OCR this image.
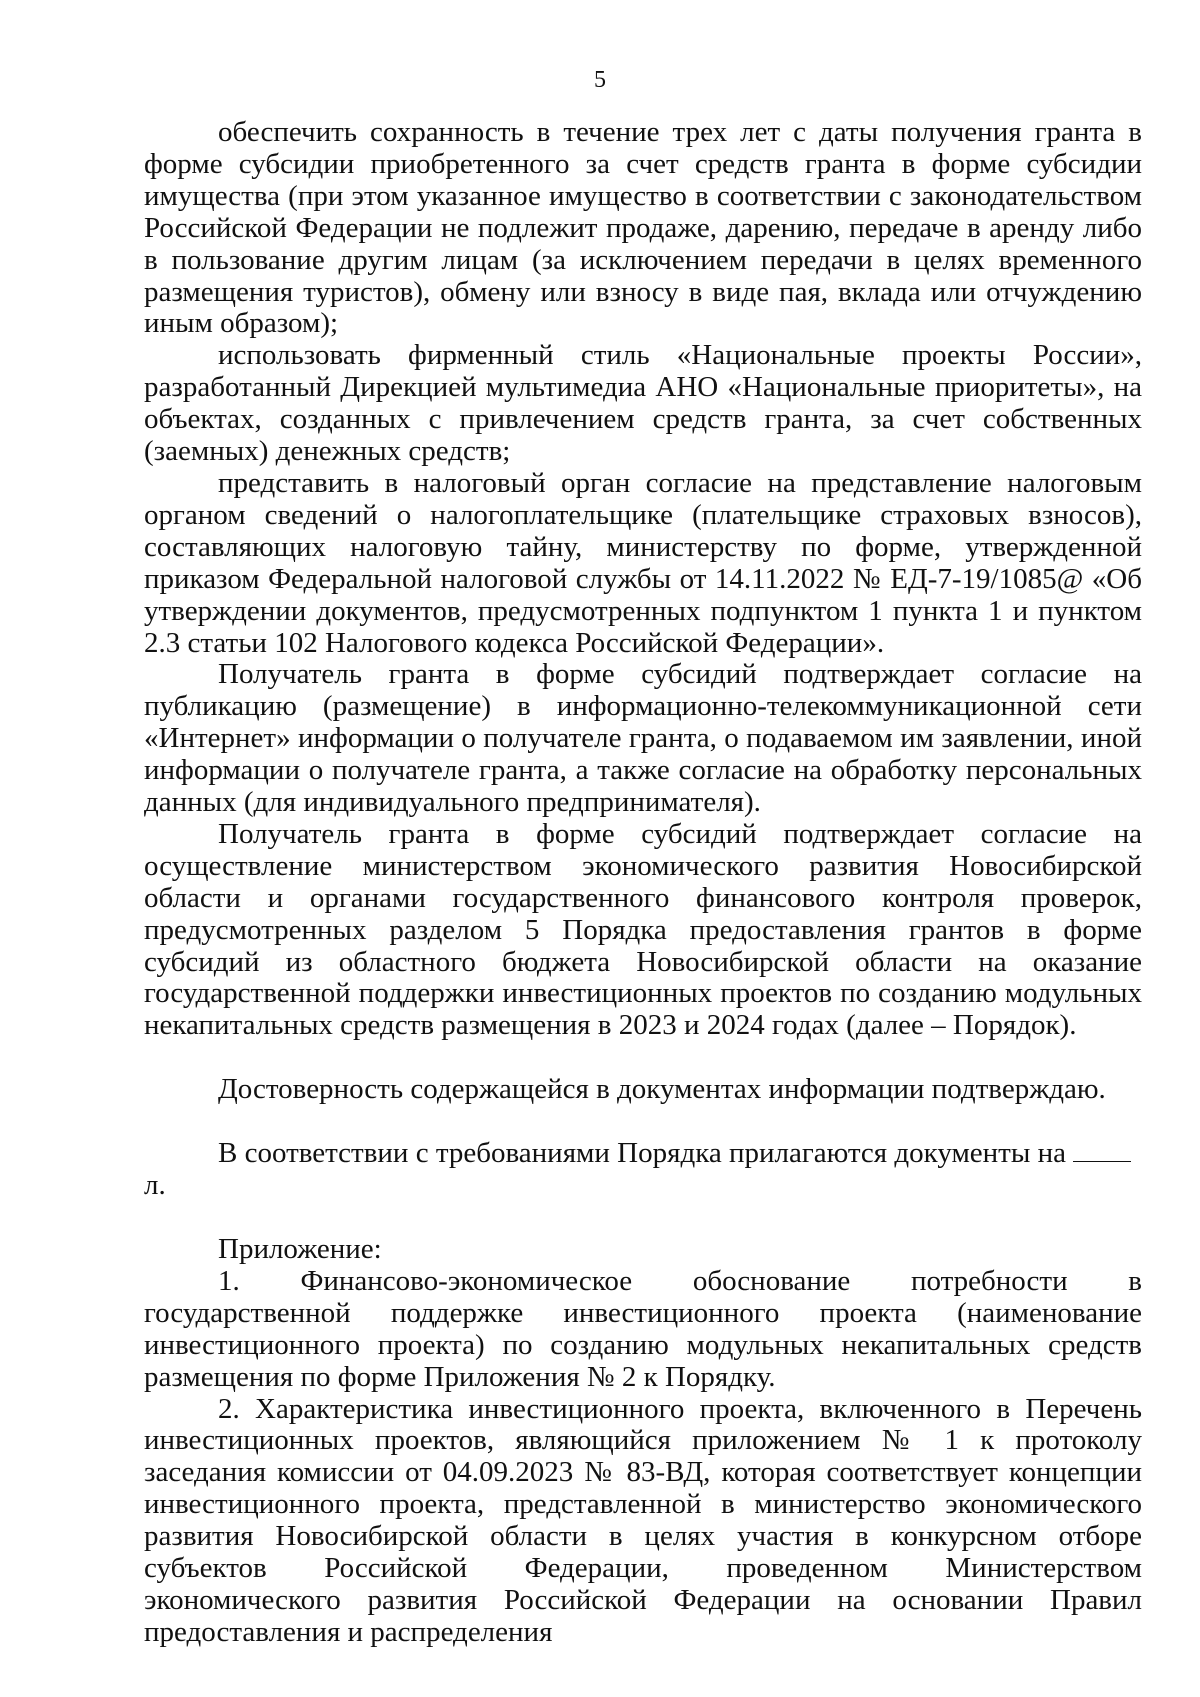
5

обеспечить сохранность в течение трех лет с даты получения гранта в форме субсидии приобретенного за счет средств гранта в форме субсидии имущества (при этом указанное имущество в соответствии с законодательством Российской Федерации не подлежит продаже, дарению, передаче в аренду либо в пользование другим лицам (за исключением передачи в целях временного размещения туристов), обмену или взносу в виде пая, вклада или отчуждению иным образом);

использовать фирменный стиль «Национальные проекты России», разработанный Дирекцией мультимедиа АНО «Национальные приоритеты», на объектах, созданных с привлечением средств гранта, за счет собственных (заемных) денежных средств;

представить в налоговый орган согласие на представление налоговым органом сведений о налогоплательщике (плательщике страховых взносов), составляющих налоговую тайну, министерству по форме, утвержденной приказом Федеральной налоговой службы от 14.11.2022 № ЕД-7-19/1085@ «Об утверждении документов, предусмотренных подпунктом 1 пункта 1 и пунктом 2.3 статьи 102 Налогового кодекса Российской Федерации».

Получатель гранта в форме субсидий подтверждает согласие на публикацию (размещение) в информационно-телекоммуникационной сети «Интернет» информации о получателе гранта, о подаваемом им заявлении, иной информации о получателе гранта, а также согласие на обработку персональных данных (для индивидуального предпринимателя).

Получатель гранта в форме субсидий подтверждает согласие на осуществление министерством экономического развития Новосибирской области и органами государственного финансового контроля проверок, предусмотренных разделом 5 Порядка предоставления грантов в форме субсидий из областного бюджета Новосибирской области на оказание государственной поддержки инвестиционных проектов по созданию модульных некапитальных средств размещения в 2023 и 2024 годах (далее – Порядок).

Достоверность содержащейся в документах информации подтверждаю.

В соответствии с требованиями Порядка прилагаются документы на  л.

Приложение:

1. Финансово-экономическое обоснование потребности в государственной поддержке инвестиционного проекта (наименование инвестиционного проекта) по созданию модульных некапитальных средств размещения по форме Приложения № 2 к Порядку.

2. Характеристика инвестиционного проекта, включенного в Перечень инвестиционных проектов, являющийся приложением № 1 к протоколу заседания комиссии от 04.09.2023 № 83-ВД, которая соответствует концепции инвестиционного проекта, представленной в министерство экономического развития Новосибирской области в целях участия в конкурсном отборе субъектов Российской Федерации, проведенном Министерством экономического развития Российской Федерации на основании Правил предоставления и распределения
